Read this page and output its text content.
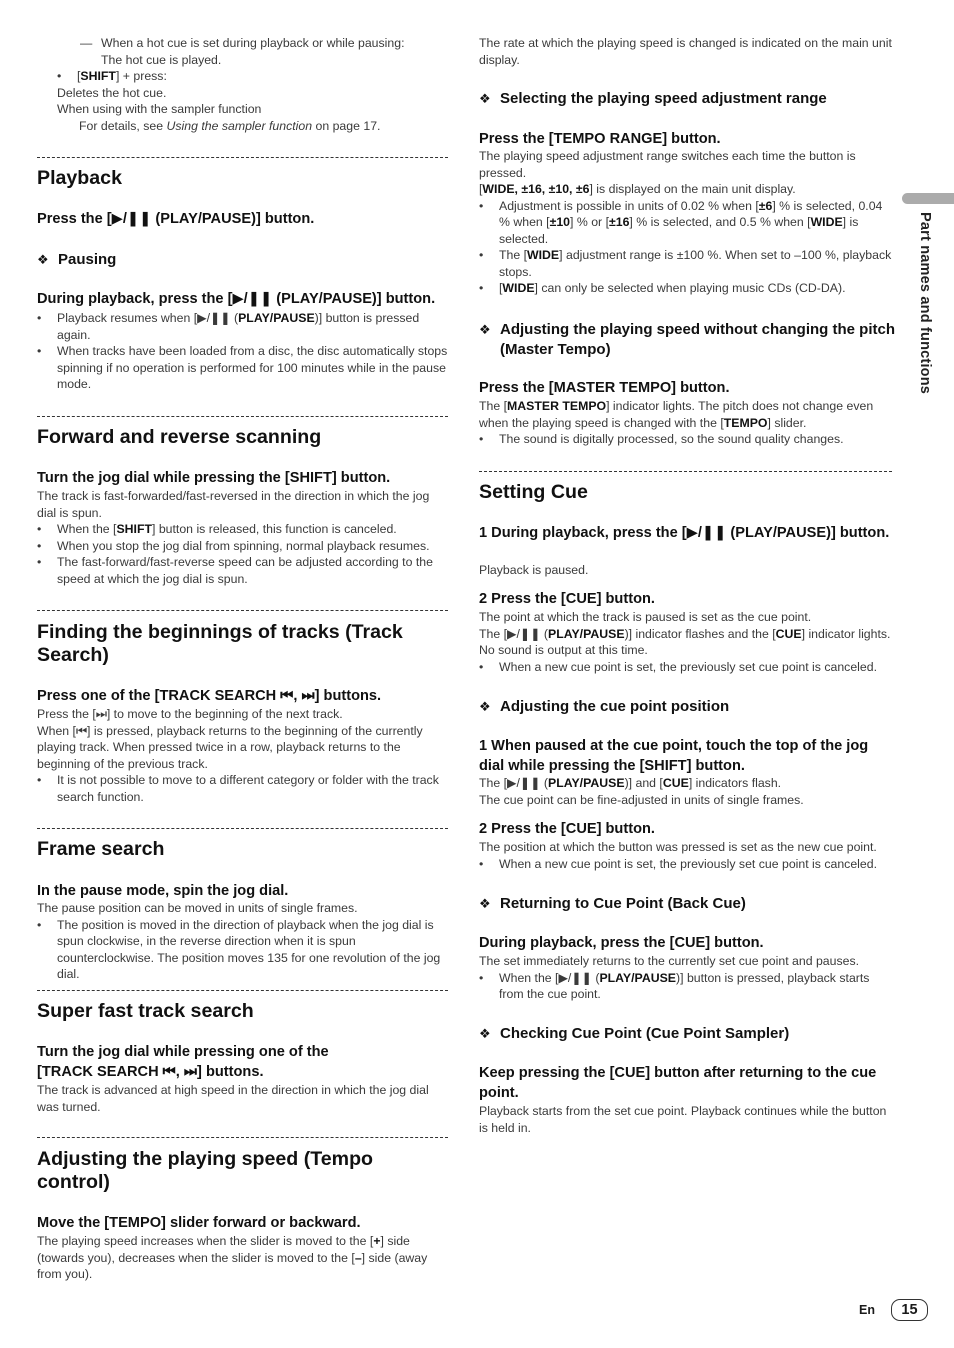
— When a hot cue is set during playback or while pausing:
The hot cue is played.
• [SHIFT] + press:
Deletes the hot cue.
When using with the sampler function
For details, see Using the sampler function on page 17.
Playback
Press the [▶/❚❚ (PLAY/PAUSE)] button.
❖ Pausing
During playback, press the [▶/❚❚ (PLAY/PAUSE)] button.
• Playback resumes when [▶/❚❚ (PLAY/PAUSE)] button is pressed again.
• When tracks have been loaded from a disc, the disc automatically stops spinning if no operation is performed for 100 minutes while in the pause mode.
Forward and reverse scanning
Turn the jog dial while pressing the [SHIFT] button.
The track is fast-forwarded/fast-reversed in the direction in which the jog dial is spun.
• When the [SHIFT] button is released, this function is canceled.
• When you stop the jog dial from spinning, normal playback resumes.
• The fast-forward/fast-reverse speed can be adjusted according to the speed at which the jog dial is spun.
Finding the beginnings of tracks (Track Search)
Press one of the [TRACK SEARCH ⏮, ⏭] buttons.
Press the [⏭] to move to the beginning of the next track.
When [⏮] is pressed, playback returns to the beginning of the currently playing track. When pressed twice in a row, playback returns to the beginning of the previous track.
• It is not possible to move to a different category or folder with the track search function.
Frame search
In the pause mode, spin the jog dial.
The pause position can be moved in units of single frames.
• The position is moved in the direction of playback when the jog dial is spun clockwise, in the reverse direction when it is spun counterclockwise. The position moves 135 for one revolution of the jog dial.
Super fast track search
Turn the jog dial while pressing one of the
[TRACK SEARCH ⏮, ⏭] buttons.
The track is advanced at high speed in the direction in which the jog dial was turned.
Adjusting the playing speed (Tempo control)
Move the [TEMPO] slider forward or backward.
The playing speed increases when the slider is moved to the [+] side (towards you), decreases when the slider is moved to the [–] side (away from you).
The rate at which the playing speed is changed is indicated on the main unit display.
❖ Selecting the playing speed adjustment range
Press the [TEMPO RANGE] button.
The playing speed adjustment range switches each time the button is pressed.
[WIDE, ±16, ±10, ±6] is displayed on the main unit display.
• Adjustment is possible in units of 0.02 % when [±6] % is selected, 0.04 % when [±10] % or [±16] % is selected, and 0.5 % when [WIDE] is selected.
• The [WIDE] adjustment range is ±100 %. When set to –100 %, playback stops.
• [WIDE] can only be selected when playing music CDs (CD-DA).
❖ Adjusting the playing speed without changing the pitch (Master Tempo)
Press the [MASTER TEMPO] button.
The [MASTER TEMPO] indicator lights. The pitch does not change even when the playing speed is changed with the [TEMPO] slider.
• The sound is digitally processed, so the sound quality changes.
Setting Cue
1 During playback, press the [▶/❚❚ (PLAY/PAUSE)] button.
Playback is paused.
2 Press the [CUE] button.
The point at which the track is paused is set as the cue point.
The [▶/❚❚ (PLAY/PAUSE)] indicator flashes and the [CUE] indicator lights. No sound is output at this time.
• When a new cue point is set, the previously set cue point is canceled.
❖ Adjusting the cue point position
1 When paused at the cue point, touch the top of the jog dial while pressing the [SHIFT] button.
The [▶/❚❚ (PLAY/PAUSE)] and [CUE] indicators flash.
The cue point can be fine-adjusted in units of single frames.
2 Press the [CUE] button.
The position at which the button was pressed is set as the new cue point.
• When a new cue point is set, the previously set cue point is canceled.
❖ Returning to Cue Point (Back Cue)
During playback, press the [CUE] button.
The set immediately returns to the currently set cue point and pauses.
• When the [▶/❚❚ (PLAY/PAUSE)] button is pressed, playback starts from the cue point.
❖ Checking Cue Point (Cue Point Sampler)
Keep pressing the [CUE] button after returning to the cue point.
Playback starts from the set cue point. Playback continues while the button is held in.
Part names and functions
En	15
